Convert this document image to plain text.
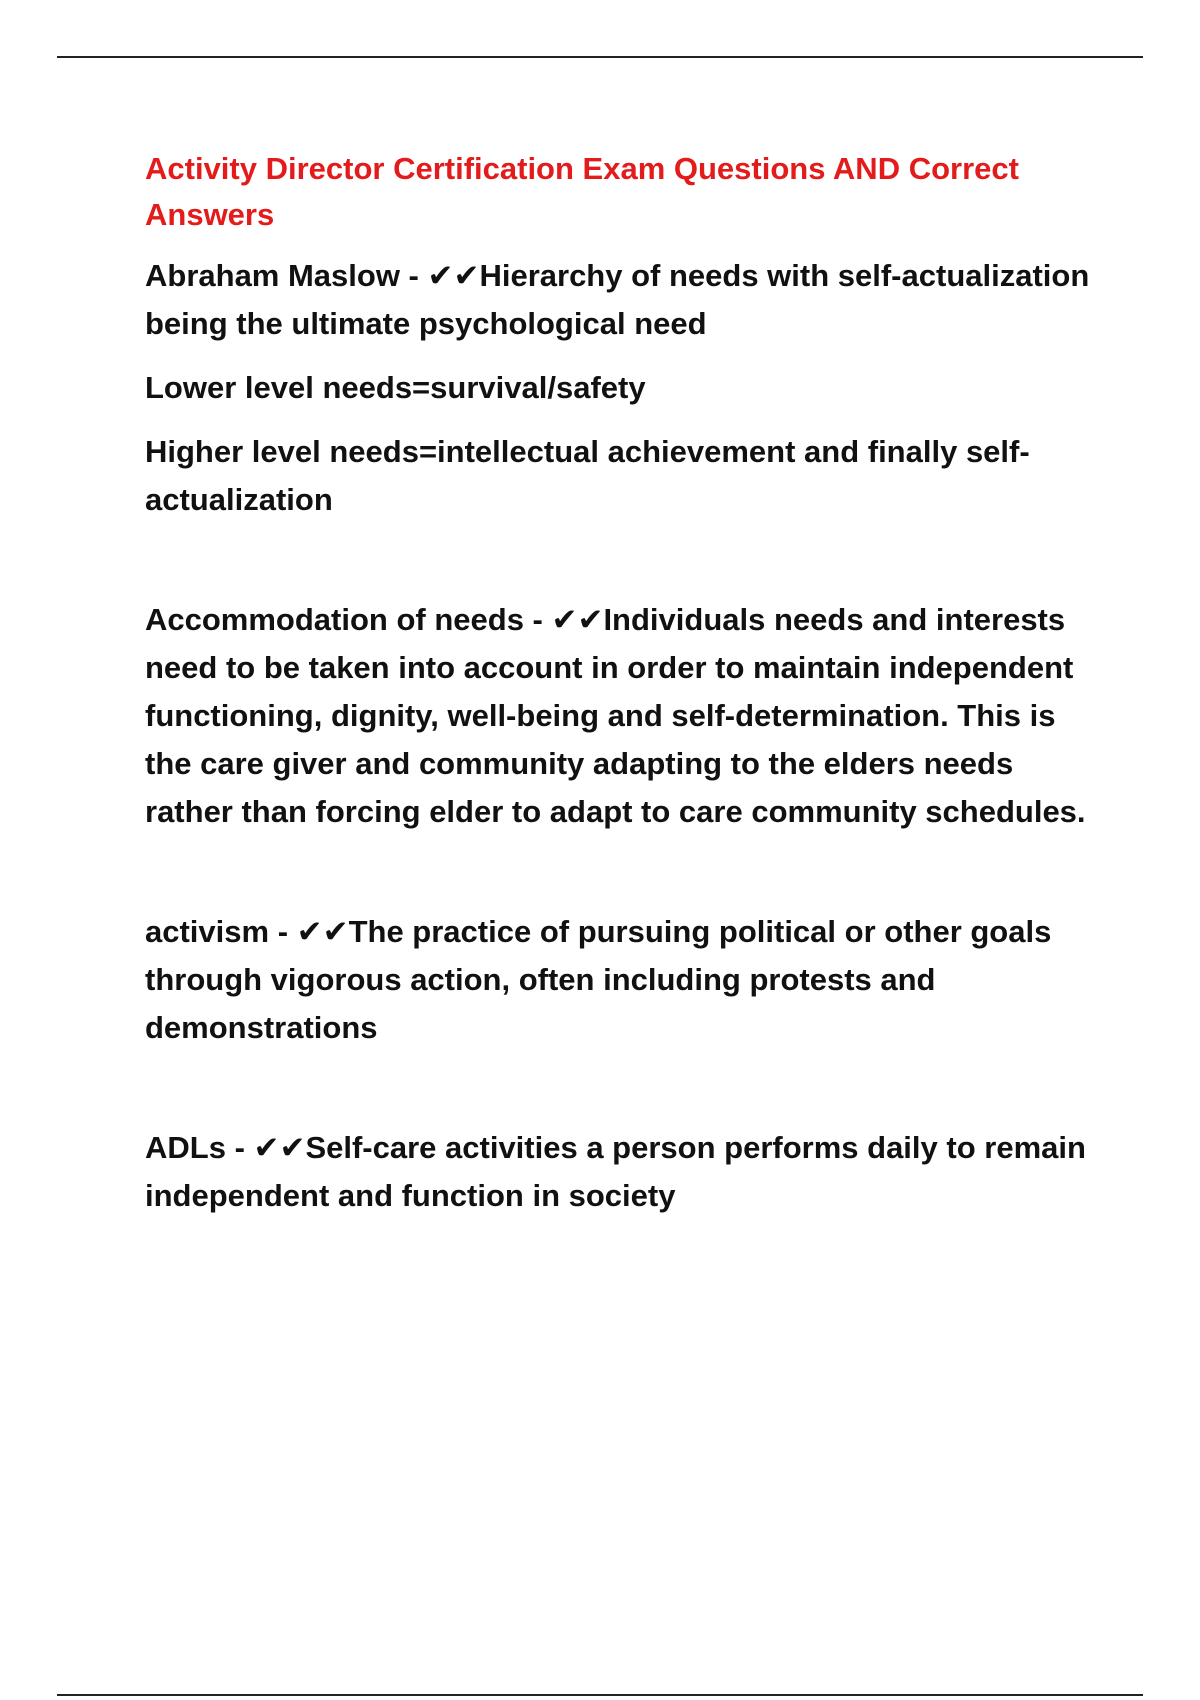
Activity Director Certification Exam Questions AND Correct Answers
Abraham Maslow - ✔✔Hierarchy of needs with self-actualization being the ultimate psychological need
Lower level needs=survival/safety
Higher level needs=intellectual achievement and finally self-actualization
Accommodation of needs - ✔✔Individuals needs and interests need to be taken into account in order to maintain independent functioning, dignity, well-being and self-determination. This is the care giver and community adapting to the elders needs rather than forcing elder to adapt to care community schedules.
activism - ✔✔The practice of pursuing political or other goals through vigorous action, often including protests and demonstrations
ADLs - ✔✔Self-care activities a person performs daily to remain independent and function in society
